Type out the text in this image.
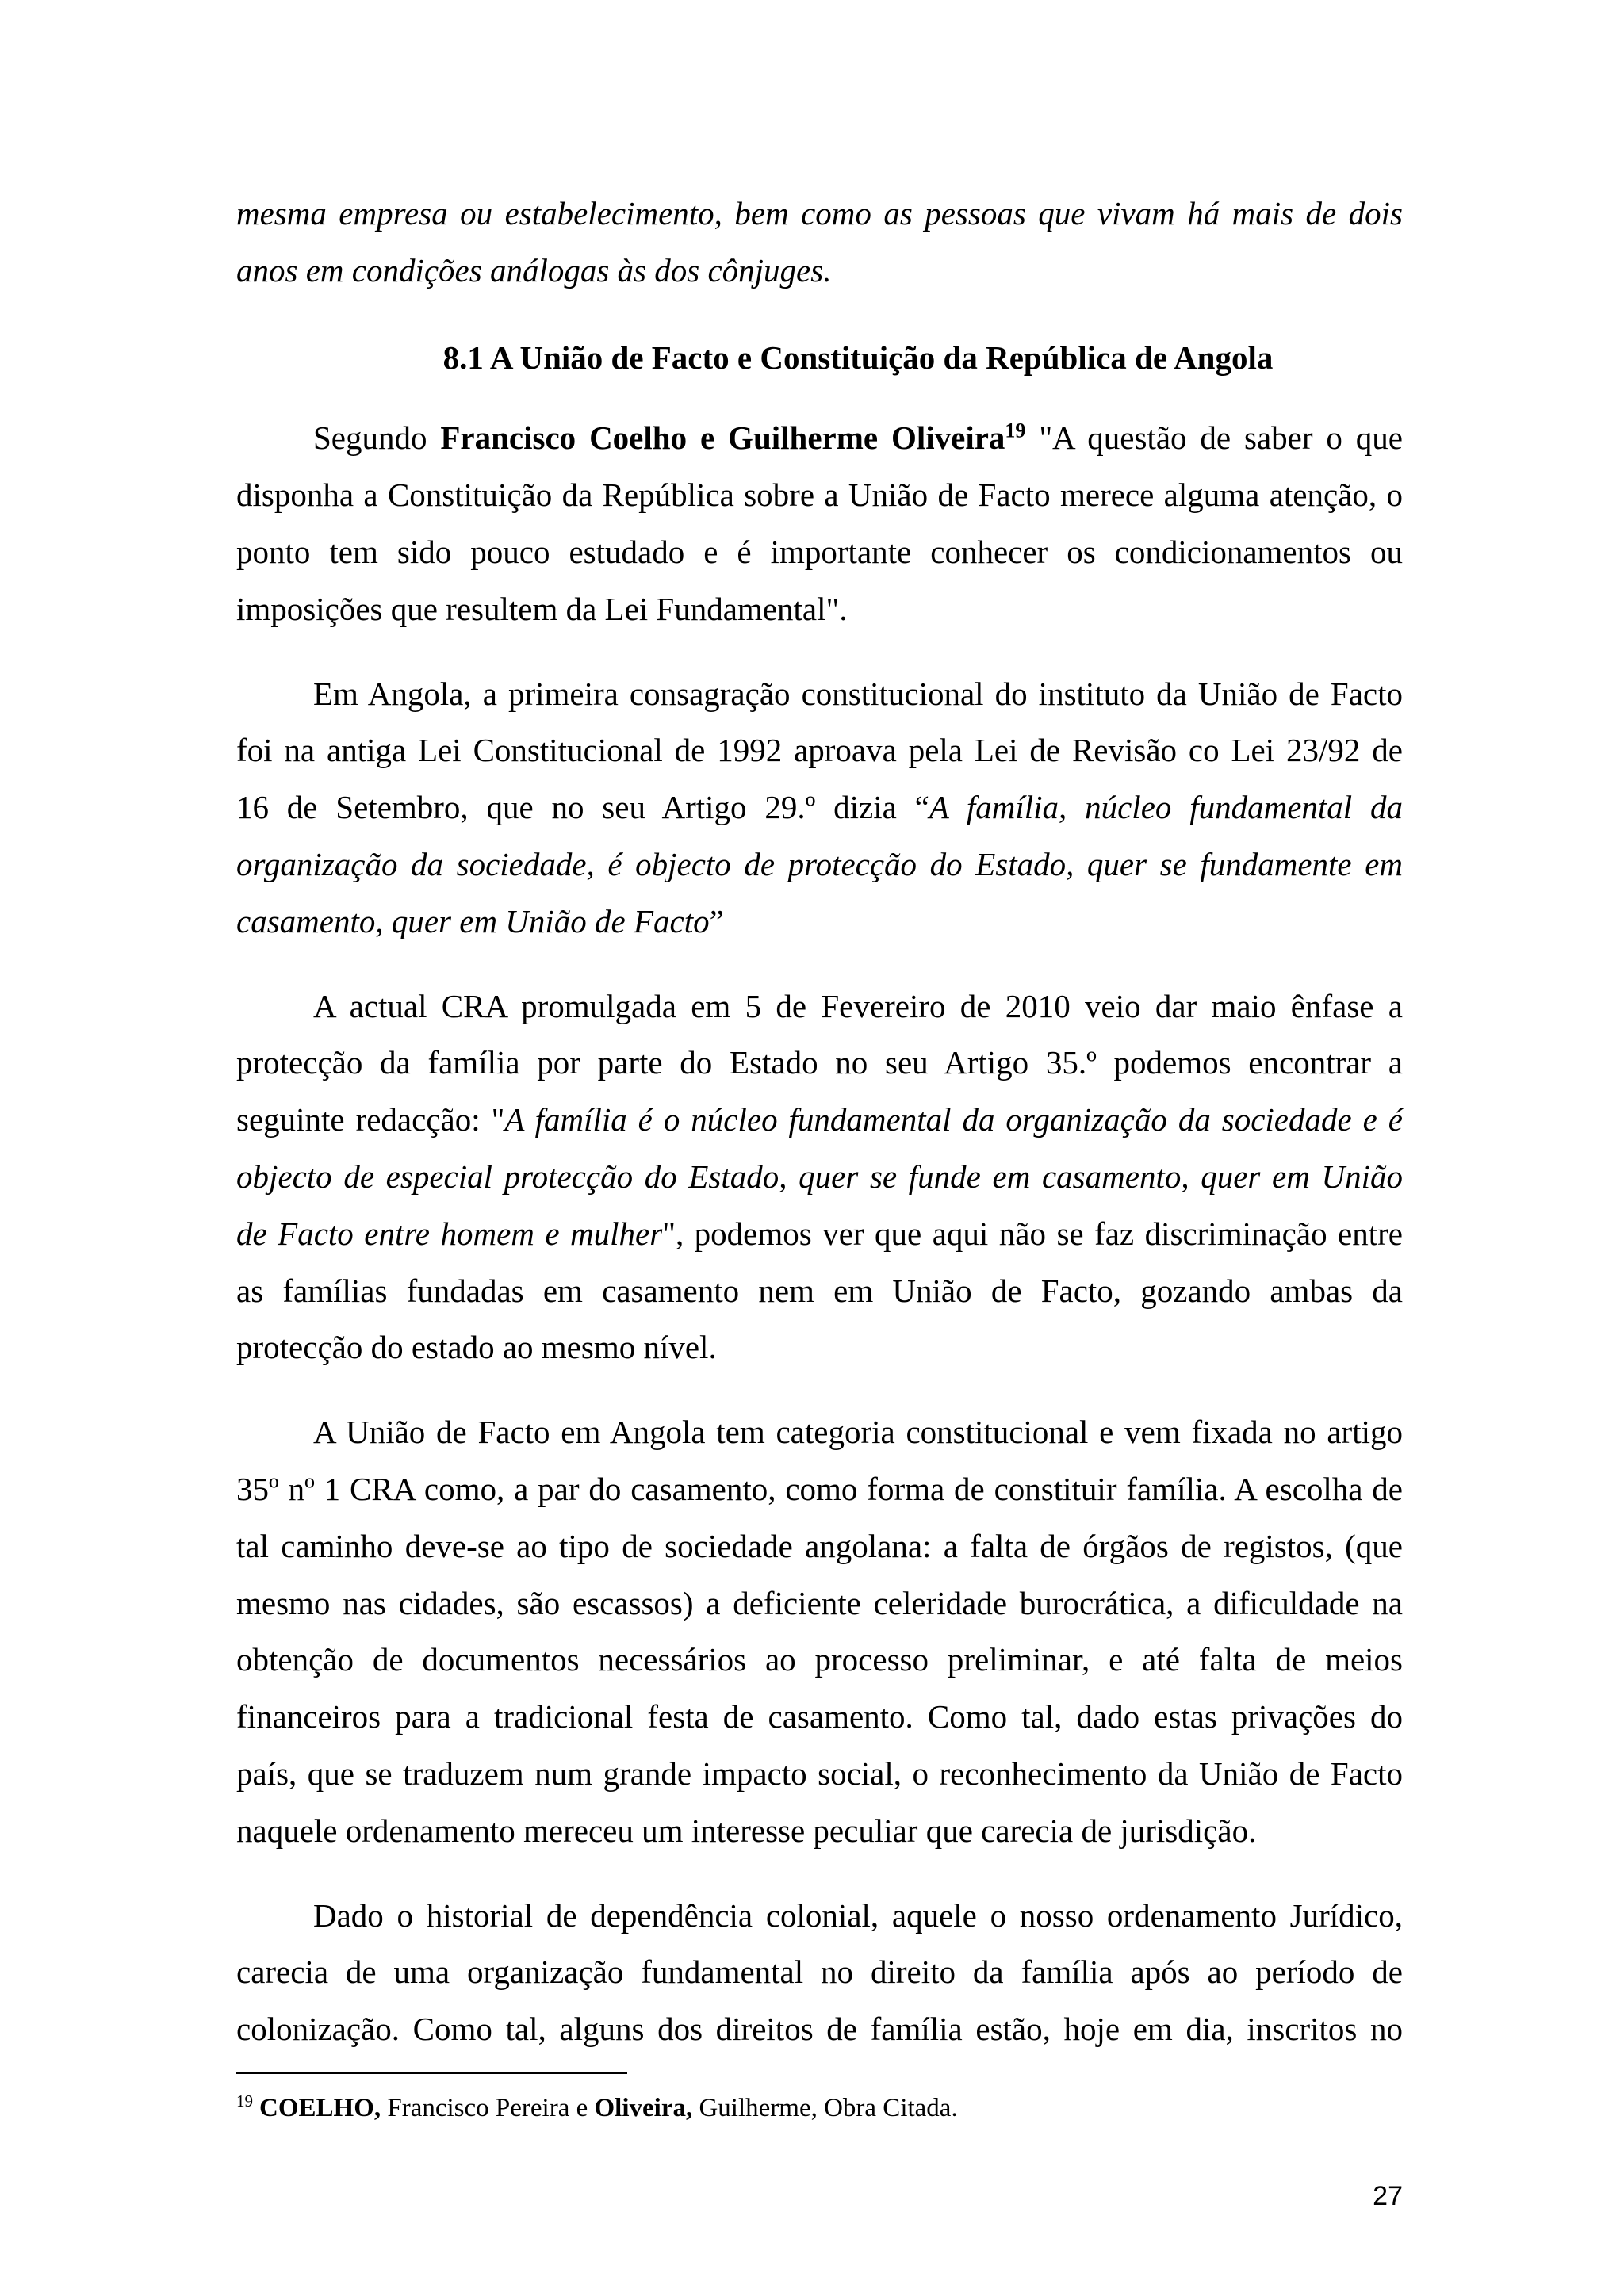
mesma empresa ou estabelecimento, bem como as pessoas que vivam há mais de dois
anos em condições análogas às dos cônjuges.
8.1 A União de Facto e Constituição da República de Angola
Segundo Francisco Coelho e Guilherme Oliveira$^{19}$ "A questão de saber o que
disponha a Constituição da República sobre a União de Facto merece alguma atenção, o
ponto tem sido pouco estudado e é importante conhecer os condicionamentos ou
imposições que resultem da Lei Fundamental".
Em Angola, a primeira consagração constitucional do instituto da União de Facto
foi na antiga Lei Constitucional de 1992 aproava pela Lei de Revisão co Lei 23/92 de
16 de Setembro, que no seu Artigo 29.º dizia “A família, núcleo fundamental da
organização da sociedade, é objecto de protecção do Estado, quer se fundamente em
casamento, quer em União de Facto”
A actual CRA promulgada em 5 de Fevereiro de 2010 veio dar maio ênfase a
protecção da família por parte do Estado no seu Artigo 35.º podemos encontrar a
seguinte redacção: "A família é o núcleo fundamental da organização da sociedade e é
objecto de especial protecção do Estado, quer se funde em casamento, quer em União
de Facto entre homem e mulher", podemos ver que aqui não se faz discriminação entre
as famílias fundadas em casamento nem em União de Facto, gozando ambas da
protecção do estado ao mesmo nível.
A União de Facto em Angola tem categoria constitucional e vem fixada no artigo
35º nº 1 CRA como, a par do casamento, como forma de constituir família. A escolha de
tal caminho deve-se ao tipo de sociedade angolana: a falta de órgãos de registos, (que
mesmo nas cidades, são escassos) a deficiente celeridade burocrática, a dificuldade na
obtenção de documentos necessários ao processo preliminar, e até falta de meios
financeiros para a tradicional festa de casamento. Como tal, dado estas privações do
país, que se traduzem num grande impacto social, o reconhecimento da União de Facto
naquele ordenamento mereceu um interesse peculiar que carecia de jurisdição.
Dado o historial de dependência colonial, aquele o nosso ordenamento Jurídico,
carecia de uma organização fundamental no direito da família após ao período de
colonização. Como tal, alguns dos direitos de família estão, hoje em dia, inscritos no
$^{19}$ COELHO, Francisco Pereira e Oliveira, Guilherme, Obra Citada.
27
